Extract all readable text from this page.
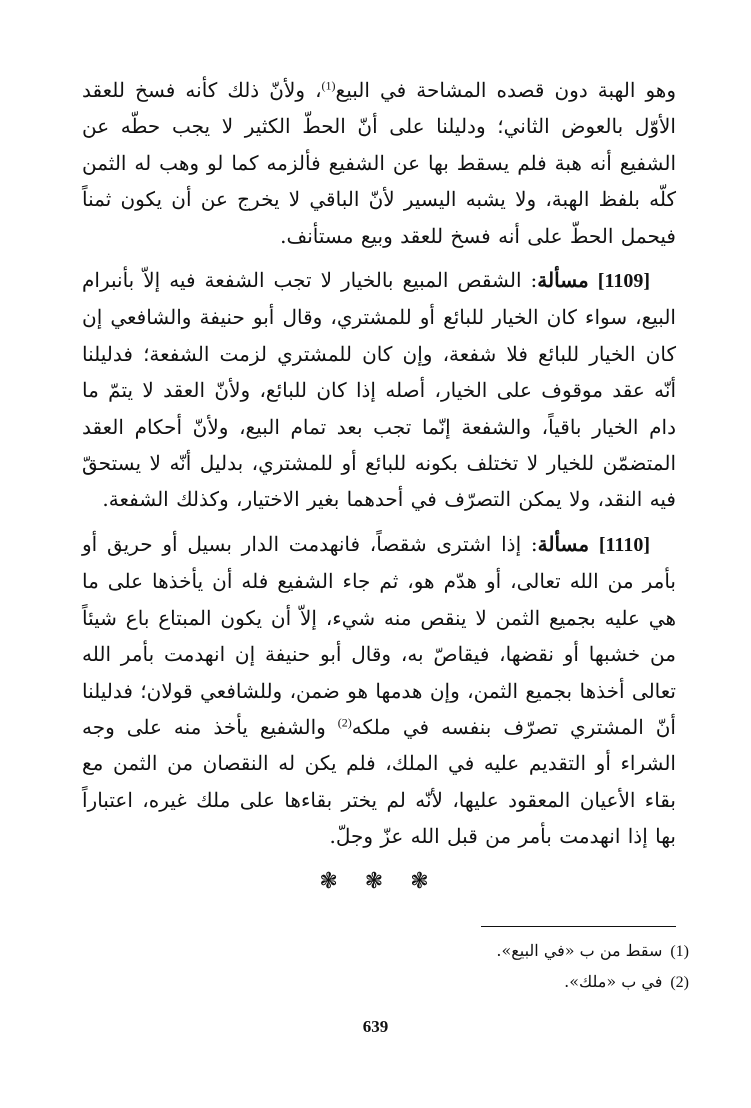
وهو الهبة دون قصده المشاحة في البيع$^{(1)}$، ولأنّ ذلك كأنه فسخ للعقد الأوّل بالعوض الثاني؛ ودليلنا على أنّ الحطّ الكثير لا يجب حطّه عن الشفيع أنه هبة فلم يسقط بها عن الشفيع فألزمه كما لو وهب له الثمن كلّه بلفظ الهبة، ولا يشبه اليسير لأنّ الباقي لا يخرج عن أن يكون ثمناً فيحمل الحطّ على أنه فسخ للعقد وبيع مستأنف.

[1109] مسألة: الشقص المبيع بالخيار لا تجب الشفعة فيه إلاّ بأنبرام البيع، سواء كان الخيار للبائع أو للمشتري، وقال أبو حنيفة والشافعي إن كان الخيار للبائع فلا شفعة، وإن كان للمشتري لزمت الشفعة؛ فدليلنا أنّه عقد موقوف على الخيار، أصله إذا كان للبائع، ولأنّ العقد لا يتمّ ما دام الخيار باقياً، والشفعة إنّما تجب بعد تمام البيع، ولأنّ أحكام العقد المتضمّن للخيار لا تختلف بكونه للبائع أو للمشتري، بدليل أنّه لا يستحقّ فيه النقد، ولا يمكن التصرّف في أحدهما بغير الاختيار، وكذلك الشفعة.

[1110] مسألة: إذا اشترى شقصاً، فانهدمت الدار بسيل أو حريق أو بأمر من الله تعالى، أو هدّم هو، ثم جاء الشفيع فله أن يأخذها على ما هي عليه بجميع الثمن لا ينقص منه شيء، إلاّ أن يكون المبتاع باع شيئاً من خشبها أو نقضها، فيقاصّ به، وقال أبو حنيفة إن انهدمت بأمر الله تعالى أخذها بجميع الثمن، وإن هدمها هو ضمن، وللشافعي قولان؛ فدليلنا أنّ المشتري تصرّف بنفسه في ملكه$^{(2)}$ والشفيع يأخذ منه على وجه الشراء أو التقديم عليه في الملك، فلم يكن له النقصان من الثمن مع بقاء الأعيان المعقود عليها، لأنّه لم يختر بقاءها على ملك غيره، اعتباراً بها إذا انهدمت بأمر من قبل الله عزّ وجلّ.

❃ ❃ ❃

(1)سقط من ب «في البيع».

(2)في ب «ملك».

639
